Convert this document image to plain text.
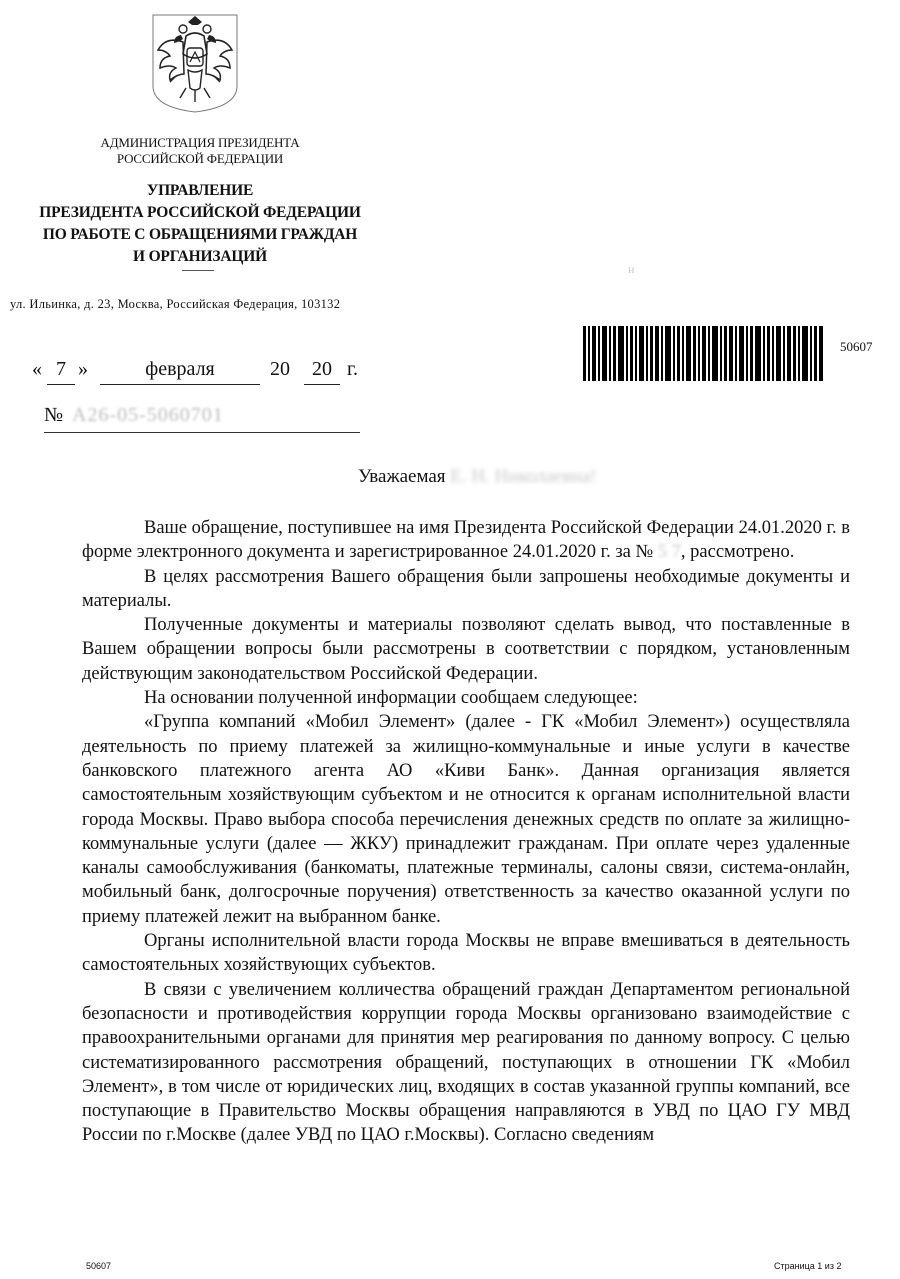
АДМИНИСТРАЦИЯ ПРЕЗИДЕНТА
РОССИЙСКОЙ ФЕДЕРАЦИИ
УПРАВЛЕНИЕ
ПРЕЗИДЕНТА РОССИЙСКОЙ ФЕДЕРАЦИИ
ПО РАБОТЕ С ОБРАЩЕНИЯМИ ГРАЖДАН
И ОРГАНИЗАЦИЙ
ул. Ильинка, д. 23, Москва, Российская Федерация, 103132
н
50607
« 7 »	февраля	20	20 г.
№ А26-05-5060701
Уважаемая Е. Н. Николаевна!

Ваше обращение, поступившее на имя Президента Российской Федерации 24.01.2020 г. в форме электронного документа и зарегистрированное 24.01.2020 г. за № 5 7, рассмотрено.

В целях рассмотрения Вашего обращения были запрошены необходимые документы и материалы.

Полученные документы и материалы позволяют сделать вывод, что поставленные в Вашем обращении вопросы были рассмотрены в соответствии с порядком, установленным действующим законодательством Российской Федерации.

На основании полученной информации сообщаем следующее:

«Группа компаний «Мобил Элемент» (далее - ГК «Мобил Элемент») осуществляла деятельность по приему платежей за жилищно-коммунальные и иные услуги в качестве банковского платежного агента АО «Киви Банк». Данная организация является самостоятельным хозяйствующим субъектом и не относится к органам исполнительной власти города Москвы. Право выбора способа перечисления денежных средств по оплате за жилищно-коммунальные услуги (далее — ЖКУ) принадлежит гражданам. При оплате через удаленные каналы самообслуживания (банкоматы, платежные терминалы, салоны связи, система-онлайн, мобильный банк, долгосрочные поручения) ответственность за качество оказанной услуги по приему платежей лежит на выбранном банке.

Органы исполнительной власти города Москвы не вправе вмешиваться в деятельность самостоятельных хозяйствующих субъектов.

В связи с увеличением колличества обращений граждан Департаментом региональной безопасности и противодействия коррупции города Москвы организовано взаимодействие с правоохранительными органами для принятия мер реагирования по данному вопросу. С целью систематизированного рассмотрения обращений, поступающих в отношении ГК «Мобил Элемент», в том числе от юридических лиц, входящих в состав указанной группы компаний, все поступающие в Правительство Москвы обращения направляются в УВД по ЦАО ГУ МВД России по г.Москве (далее УВД по ЦАО г.Москвы). Согласно сведениям

50607	Страница 1 из 2
